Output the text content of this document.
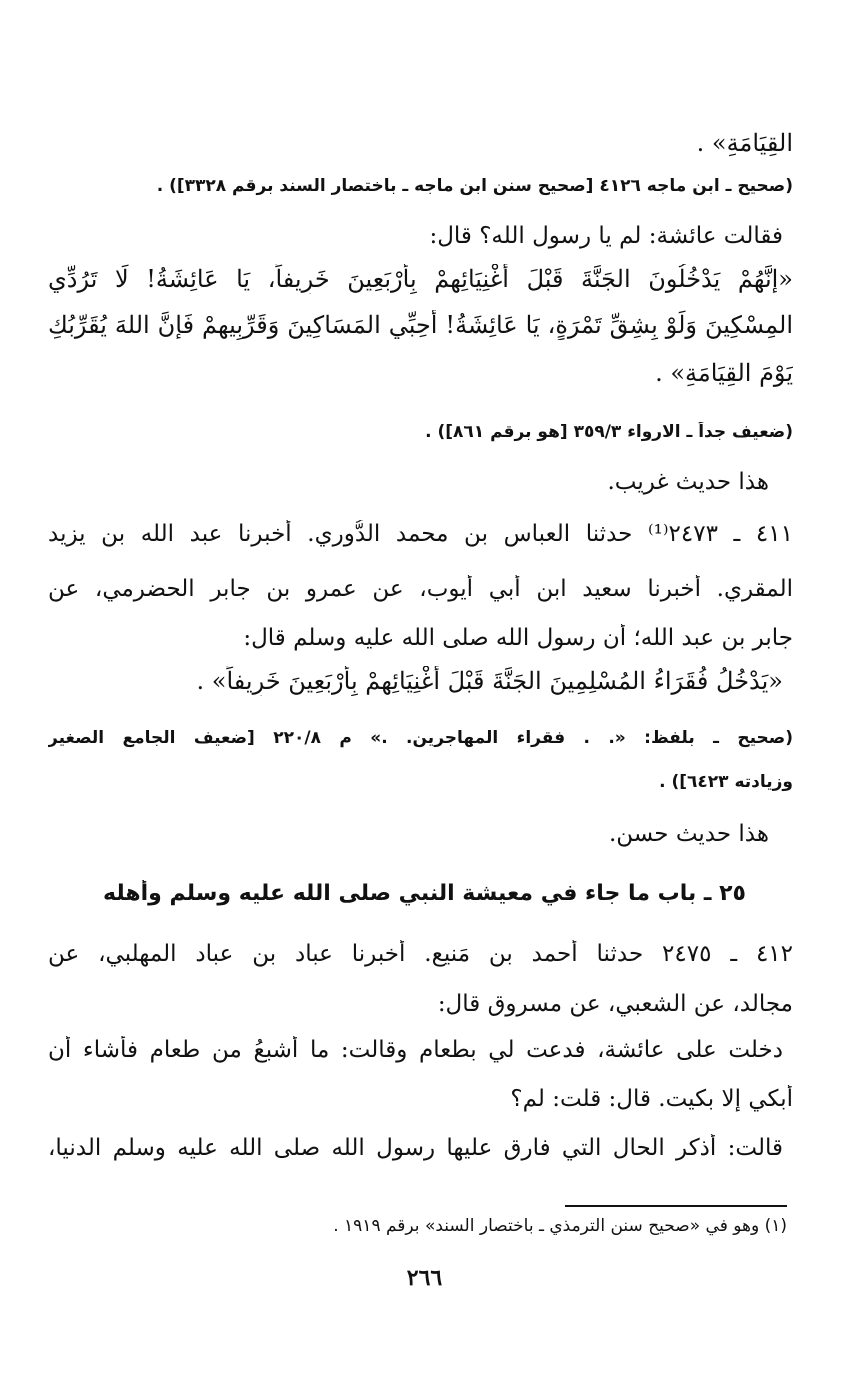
القِيَامَةِ» .
(صحيح ـ ابن ماجه ٤١٢٦ [صحيح سنن ابن ماجه ـ باختصار السند برقم ٣٣٢٨]) .
فقالت عائشة: لم يا رسول الله؟ قال:
«إِنَّهُمْ يَدْخُلُونَ الجَنَّةَ قَبْلَ أَغْنِيَائِهِمْ بِأَرْبَعِينَ خَرِيفاً، يَا عَائِشَةُ! لَا تَرُدِّي
المِسْكِينَ وَلَوْ بِشِقِّ تَمْرَةٍ، يَا عَائِشَةُ! أَحِبِّي المَسَاكِينَ وَقَرِّبِيهِمْ فَإِنَّ اللهَ يُقَرِّبُكِ
يَوْمَ القِيَامَةِ» .
(ضعيف جداً ـ الارواء ٣٥٩/٣ [هو برقم ٨٦١]) .
هذا حديث غريب.
٤١١ ـ ٢٤٧٣⁽¹⁾ حدثنا العباس بن محمد الدُّوري. أخبرنا عبد الله بن يزيد
المقري. أخبرنا سعيد ابن أبي أيوب، عن عمرو بن جابر الحضرمي، عن
جابر بن عبد الله؛ أن رسول الله صلى الله عليه وسلم قال:
«يَدْخُلُ فُقَرَاءُ المُسْلِمِينَ الجَنَّةَ قَبْلَ أَغْنِيَائِهِمْ بِأَرْبَعِينَ خَرِيفاً» .
(صحيح ـ بلفظ: «. . فقراء المهاجرين. .» م ٢٢٠/٨ [ضعيف الجامع الصغير
وزيادته ٦٤٢٣]) .
هذا حديث حسن.
٢٥ ـ باب ما جاء في معيشة النبي صلى الله عليه وسلم وأهله
٤١٢ ـ ٢٤٧٥ حدثنا أحمد بن مَنيع. أخبرنا عباد بن عباد المهلبي، عن
مجالد، عن الشعبي، عن مسروق قال:
دخلت على عائشة، فدعت لي بطعام وقالت: ما أشبعُ من طعام فأشاء أن
أبكي إلا بكيت. قال: قلت: لم؟
قالت: أذكر الحال التي فارق عليها رسول الله صلى الله عليه وسلم الدنيا،
(١) وهو في «صحيح سنن الترمذي ـ باختصار السند» برقم ١٩١٩ .
٢٦٦
